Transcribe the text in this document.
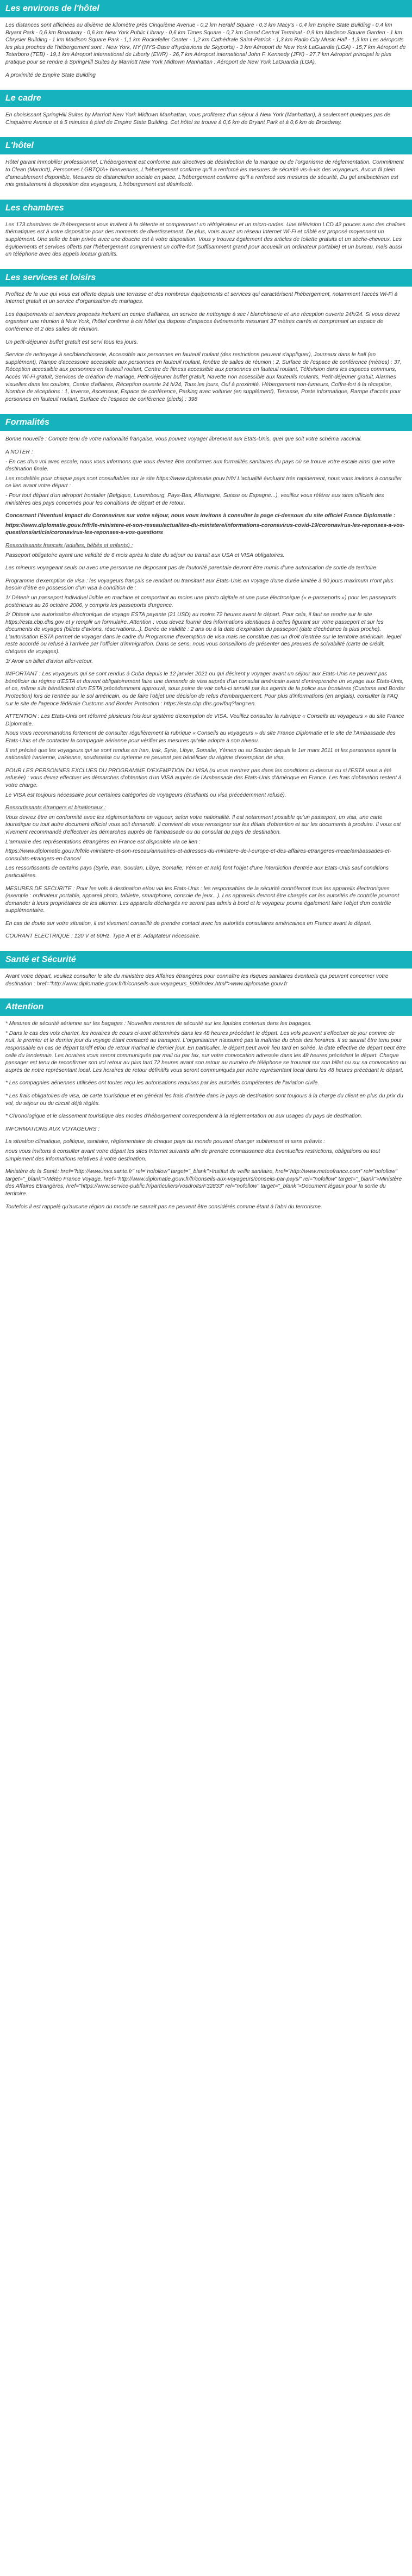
Les environs de l'hôtel

Les distances sont affichées au dixième de kilomètre près Cinquième Avenue - 0,2 km Herald Square - 0,3 km Macy's - 0,4 km Empire State Building - 0,4 km Bryant Park - 0,6 km Broadway - 0,6 km New York Public Library - 0,6 km Times Square - 0,7 km Grand Central Terminal - 0,9 km Madison Square Garden - 1 km Chrysler Building - 1 km Madison Square Park - 1,1 km Rockefeller Center - 1,2 km Cathédrale Saint-Patrick - 1,3 km Radio City Music Hall - 1,3 km Les aéroports les plus proches de l'hébergement sont : New York, NY (NYS-Base d'hydravions de Skyports) - 3 km Aéroport de New York LaGuardia (LGA) - 15,7 km Aéroport de Teterboro (TEB) - 19,1 km Aéroport international de Liberty (EWR) - 26,7 km Aéroport international John F. Kennedy (JFK) - 27,7 km Aéroport principal le plus pratique pour se rendre à SpringHill Suites by Marriott New York Midtown Manhattan : Aéroport de New York LaGuardia (LGA).

À proximité de Empire State Building

Le cadre

En choisissant SpringHill Suites by Marriott New York Midtown Manhattan, vous profiterez d'un séjour à New York (Manhattan), à seulement quelques pas de Cinquième Avenue et à 5 minutes à pied de Empire State Building. Cet hôtel se trouve à 0,6 km de Bryant Park et à 0,6 km de Broadway.

L'hôtel

Hôtel garant immobilier professionnel, L'hébergement est conforme aux directives de désinfection de la marque ou de l'organisme de réglementation. Commitment to Clean (Marriott), Personnes LGBTQIA+ bienvenues, L'hébergement confirme qu'il a renforcé les mesures de sécurité vis-à-vis des voyageurs. Aucun fil plein d'ameublement disponible, Mesures de distanciation sociale en place, L'hébergement confirme qu'il a renforcé ses mesures de sécurité, Du gel antibactérien est mis gratuitement à disposition des voyageurs, L'hébergement est désinfecté.

Les chambres

Les 173 chambres de l'hébergement vous invitent à la détente et comprennent un réfrigérateur et un micro-ondes. Une télévision LCD 42 pouces avec des chaînes thématiques est à votre disposition pour des moments de divertissement. De plus, vous aurez un réseau Internet Wi-Fi et câblé est proposé moyennant un supplément. Une salle de bain privée avec une douche est à votre disposition. Vous y trouvez également des articles de toilette gratuits et un sèche-cheveux. Les équipements et services offerts par l'hébergement comprennent un coffre-fort (suffisamment grand pour accueillir un ordinateur portable) et un bureau, mais aussi un téléphone avec des appels locaux gratuits.

Les services et loisirs

Profitez de la vue qui vous est offerte depuis une terrasse et des nombreux équipements et services qui caractérisent l'hébergement, notamment l'accès Wi-Fi à Internet gratuit et un service d'organisation de mariages.

Les équipements et services proposés incluent un centre d'affaires, un service de nettoyage à sec / blanchisserie et une réception ouverte 24h/24. Si vous devez organiser une réunion à New York, l'hôtel confirme à cet hôtel qui dispose d'espaces événements mesurant 37 mètres carrés et comprenant un espace de conférence et 2 des salles de réunion.

Un petit-déjeuner buffet gratuit est servi tous les jours.

Service de nettoyage à sec/blanchisserie, Accessible aux personnes en fauteuil roulant (des restrictions peuvent s'appliquer), Journaux dans le hall (en supplément), Rampe d'accessoire accessible aux personnes en fauteuil roulant, fenêtre de salles de réunion : 2, Surface de l'espace de conférence (mètres) : 37, Réception accessible aux personnes en fauteuil roulant, Centre de fitness accessible aux personnes en fauteuil roulant, Télévision dans les espaces communs, Accès Wi-Fi gratuit, Services de création de mariage, Petit-déjeuner buffet gratuit, Navette non accessible aux fauteuils roulants, Petit-déjeuner gratuit, Alarmes visuelles dans les couloirs, Centre d'affaires, Réception ouverte 24 h/24, Tous les jours, Ouf à proximité, Hébergement non-fumeurs, Coffre-fort à la réception, Nombre de réceptions : 1, Inverse, Ascenseur, Espace de conférence, Parking avec voiturier (en supplément), Terrasse, Poste informatique, Rampe d'accès pour personnes en fauteuil roulant, Surface de l'espace de conférence (pieds) : 398

Formalités

Bonne nouvelle : Compte tenu de votre nationalité française, vous pouvez voyager librement aux Etats-Unis, quel que soit votre schéma vaccinal.

A NOTER :

- En cas d'un vol avec escale, nous vous informons que vous devrez être conformes aux formalités sanitaires du pays où se trouve votre escale ainsi que votre destination finale.

Les modalités pour chaque pays sont consultables sur le site https://www.diplomatie.gouv.fr/fr/ L'actualité évoluant très rapidement, nous vous invitons à consulter ce lien avant votre départ :

- Pour tout départ d'un aéroport frontalier (Belgique, Luxembourg, Pays-Bas, Allemagne, Suisse ou Espagne...), veuillez vous référer aux sites officiels des ministères des pays concernés pour les conditions de départ et de retour.

Concernant l'éventuel impact du Coronavirus sur votre séjour, nous vous invitons à consulter la page ci-dessous du site officiel France Diplomatie :

https://www.diplomatie.gouv.fr/fr/le-ministere-et-son-reseau/actualites-du-ministere/informations-coronavirus-covid-19/coronavirus-les-reponses-a-vos-questions/article/coronavirus-les-reponses-a-vos-questions

Ressortissants français (adultes, bébés et enfants) :

Passeport obligatoire ayant une validité de 6 mois après la date du séjour ou transit aux USA et VISA obligatoires.

Les mineurs voyageant seuls ou avec une personne ne disposant pas de l'autorité parentale devront être munis d'une autorisation de sortie de territoire.

Programme d'exemption de visa : les voyageurs français se rendant ou transitant aux Etats-Unis en voyage d'une durée limitée à 90 jours maximum n'ont plus besoin d'être en possession d'un visa à condition de :

1/ Détenir un passeport individuel lisible en machine et comportant au moins une photo digitale et une puce électronique (« e-passeports ») pour les passeports postérieurs au 26 octobre 2006, y compris les passeports d'urgence.

2/ Obtenir une autorisation électronique de voyage ESTA payante (21 USD) au moins 72 heures avant le départ. Pour cela, il faut se rendre sur le site https://esta.cbp.dhs.gov et y remplir un formulaire. Attention : vous devez fournir des informations identiques à celles figurant sur votre passeport et sur les documents de voyages (billets d'avions, réservations...). Durée de validité : 2 ans ou à la date d'expiration du passeport (date d'échéance la plus proche). L'autorisation ESTA permet de voyager dans le cadre du Programme d'exemption de visa mais ne constitue pas un droit d'entrée sur le territoire américain, lequel reste accordé ou refusé à l'arrivée par l'officier d'immigration. Dans ce sens, nous vous conseillons de présenter des preuves de solvabilité (carte de crédit, chèques de voyages).

3/ Avoir un billet d'avion aller-retour.

IMPORTANT : Les voyageurs qui se sont rendus à Cuba depuis le 12 janvier 2021 ou qui désirent y voyager avant un séjour aux Etats-Unis ne peuvent pas bénéficier du régime d'ESTA et doivent obligatoirement faire une demande de visa auprès d'un consulat américain avant d'entreprendre un voyage aux Etats-Unis, et ce, même s'ils bénéficient d'un ESTA précédemment approuvé, sous peine de voir celui-ci annulé par les agents de la police aux frontières (Customs and Border Protection) lors de l'entrée sur le sol américain, ou de faire l'objet une décision de refus d'embarquement. Pour plus d'informations (en anglais), consulter la FAQ sur le site de l'agence fédérale Customs and Border Protection : https://esta.cbp.dhs.gov/faq?lang=en.

ATTENTION : Les Etats-Unis ont réformé plusieurs fois leur système d'exemption de VISA. Veuillez consulter la rubrique « Conseils au voyageurs » du site France Diplomatie.

Nous vous recommandons fortement de consulter régulièrement la rubrique « Conseils au voyageurs » du site France Diplomatie et le site de l'Ambassade des Etats-Unis et de contacter la compagnie aérienne pour vérifier les mesures qu'elle adopte à son niveau.

Il est précisé que les voyageurs qui se sont rendus en Iran, Irak, Syrie, Libye, Somalie, Yémen ou au Soudan depuis le 1er mars 2011 et les personnes ayant la nationalité iranienne, irakienne, soudanaise ou syrienne ne peuvent pas bénéficier du régime d'exemption de visa.

POUR LES PERSONNES EXCLUES DU PROGRAMME D'EXEMPTION DU VISA (si vous n'entrez pas dans les conditions ci-dessus ou si l'ESTA vous a été refusée) : vous devez effectuer les démarches d'obtention d'un VISA auprès de l'Ambassade des Etats-Unis d'Amérique en France. Les frais d'obtention restent à votre charge.

Le VISA est toujours nécessaire pour certaines catégories de voyageurs (étudiants ou visa précédemment refusé).

Ressortissants étrangers et binationaux :

Vous devrez être en conformité avec les réglementations en vigueur, selon votre nationalité. Il est notamment possible qu'un passeport, un visa, une carte touristique ou tout autre document officiel vous soit demandé. Il convient de vous renseigner sur les délais d'obtention et sur les documents à produire. Il vous est vivement recommandé d'effectuer les démarches auprès de l'ambassade ou du consulat du pays de destination.

L'annuaire des représentations étrangères en France est disponible via ce lien :

https://www.diplomatie.gouv.fr/fr/le-ministere-et-son-reseau/annuaires-et-adresses-du-ministere-de-l-europe-et-des-affaires-etrangeres-meae/ambassades-et-consulats-etrangers-en-france/

Les ressortissants de certains pays (Syrie, Iran, Soudan, Libye, Somalie, Yémen et Irak) font l'objet d'une interdiction d'entrée aux Etats-Unis sauf conditions particulières.

MESURES DE SECURITE : Pour les vols à destination et/ou via les Etats-Unis : les responsables de la sécurité contrôleront tous les appareils électroniques (exemple : ordinateur portable, appareil photo, tablette, smartphone, console de jeux...). Les appareils devront être chargés car les autorités de contrôle pourront demander à leurs propriétaires de les allumer. Les appareils déchargés ne seront pas admis à bord et le voyageur pourra également faire l'objet d'un contrôle supplémentaire.

En cas de doute sur votre situation, il est vivement conseillé de prendre contact avec les autorités consulaires américaines en France avant le départ.

COURANT ELECTRIQUE : 120 V et 60Hz. Type A et B. Adaptateur nécessaire.

Santé et Sécurité

Avant votre départ, veuillez consulter le site du ministère des Affaires étrangères pour connaître les risques sanitaires éventuels qui peuvent concerner votre destination : href="http://www.diplomatie.gouv.fr/fr/conseils-aux-voyageurs_909/index.html">www.diplomatie.gouv.fr

Attention

* Mesures de sécurité aérienne sur les bagages : Nouvelles mesures de sécurité sur les liquides contenus dans les bagages.

* Dans le cas des vols charter, les horaires de cours ci-sont déterminés dans les 48 heures précédant le départ. Les vols peuvent s'effectuer de jour comme de nuit, le premier et le dernier jour du voyage étant consacré au transport. L'organisateur n'assumé pas la maîtrise du choix des horaires. Il se saurait être tenu pour responsable en cas de départ tardif et/ou de retour matinal le dernier jour. En particulier, le départ peut avoir lieu tard en soirée, la date effective de départ peut être celle du lendemain. Les horaires vous seront communiqués par mail ou par fax, sur votre convocation adressée dans les 48 heures précédant le départ. Chaque passager est tenu de reconfirmer son vol retour au plus tard 72 heures avant son retour au numéro de téléphone se trouvant sur son billet ou sur sa convocation ou auprès de notre représentant local. Les horaires de retour définitifs vous seront communiqués par notre représentant local dans les 48 heures précédant le départ.

* Les compagnies aériennes utilisées ont toutes reçu les autorisations requises par les autorités compétentes de l'aviation civile.

* Les frais obligatoires de visa, de carte touristique et en général les frais d'entrée dans le pays de destination sont toujours à la charge du client en plus du prix du vol, du séjour ou du circuit déjà réglés.

* Chronologique et le classement touristique des modes d'hébergement correspondent à la réglementation ou aux usages du pays de destination.

INFORMATIONS AUX VOYAGEURS :

La situation climatique, politique, sanitaire, réglementaire de chaque pays du monde pouvant changer subitement et sans préavis :

nous vous invitons à consulter avant votre départ les sites Internet suivants afin de prendre connaissance des éventuelles restrictions, obligations ou tout simplement des informations relatives à votre destination.

Ministère de la Santé: href="http://www.invs.sante.fr" rel="nofollow" target="_blank">Institut de veille sanitaire, href="http://www.meteofrance.com" rel="nofollow" target="_blank">Météo France Voyage, href="http://www.diplomatie.gouv.fr/fr/conseils-aux-voyageurs/conseils-par-pays/" rel="nofollow" target="_blank">Ministère des Affaires Etrangères, href="https://www.service-public.fr/particuliers/vosdroits/F32833" rel="nofollow" target="_blank">Document légaux pour la sortie du territoire.

Toutefois il est rappelé qu'aucune région du monde ne saurait pas ne peuvent être considérés comme étant à l'abri du terrorisme.
